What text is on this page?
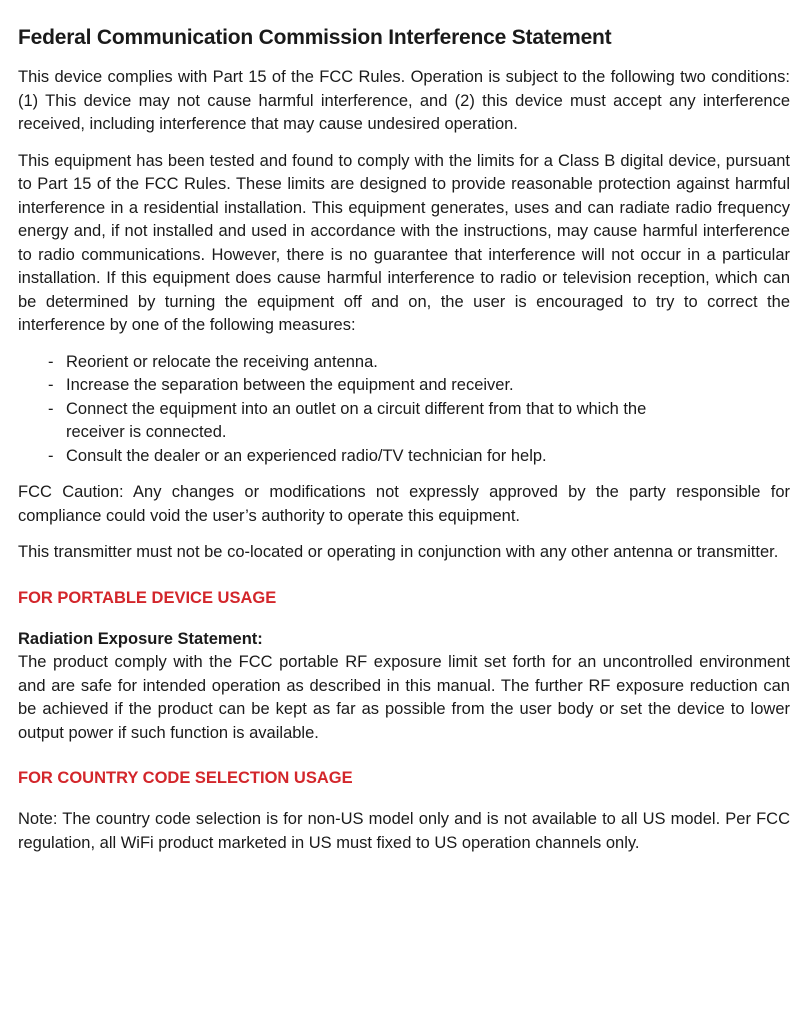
Federal Communication Commission Interference Statement

This device complies with Part 15 of the FCC Rules. Operation is subject to the following two conditions: (1) This device may not cause harmful interference, and (2) this device must accept any interference received, including interference that may cause undesired operation.

This equipment has been tested and found to comply with the limits for a Class B digital device, pursuant to Part 15 of the FCC Rules. These limits are designed to provide reasonable protection against harmful interference in a residential installation. This equipment generates, uses and can radiate radio frequency energy and, if not installed and used in accordance with the instructions, may cause harmful interference to radio communications. However, there is no guarantee that interference will not occur in a particular installation. If this equipment does cause harmful interference to radio or television reception, which can be determined by turning the equipment off and on, the user is encouraged to try to correct the interference by one of the following measures:

- Reorient or relocate the receiving antenna.
- Increase the separation between the equipment and receiver.
- Connect the equipment into an outlet on a circuit different from that to which the receiver is connected.
- Consult the dealer or an experienced radio/TV technician for help.

FCC Caution: Any changes or modifications not expressly approved by the party responsible for compliance could void the user’s authority to operate this equipment.

This transmitter must not be co-located or operating in conjunction with any other antenna or transmitter.

FOR PORTABLE DEVICE USAGE
Radiation Exposure Statement:

The product comply with the FCC portable RF exposure limit set forth for an uncontrolled environment and are safe for intended operation as described in this manual. The further RF exposure reduction can be achieved if the product can be kept as far as possible from the user body or set the device to lower output power if such function is available.

FOR COUNTRY CODE SELECTION USAGE

Note: The country code selection is for non-US model only and is not available to all US model. Per FCC regulation, all WiFi product marketed in US must fixed to US operation channels only.
